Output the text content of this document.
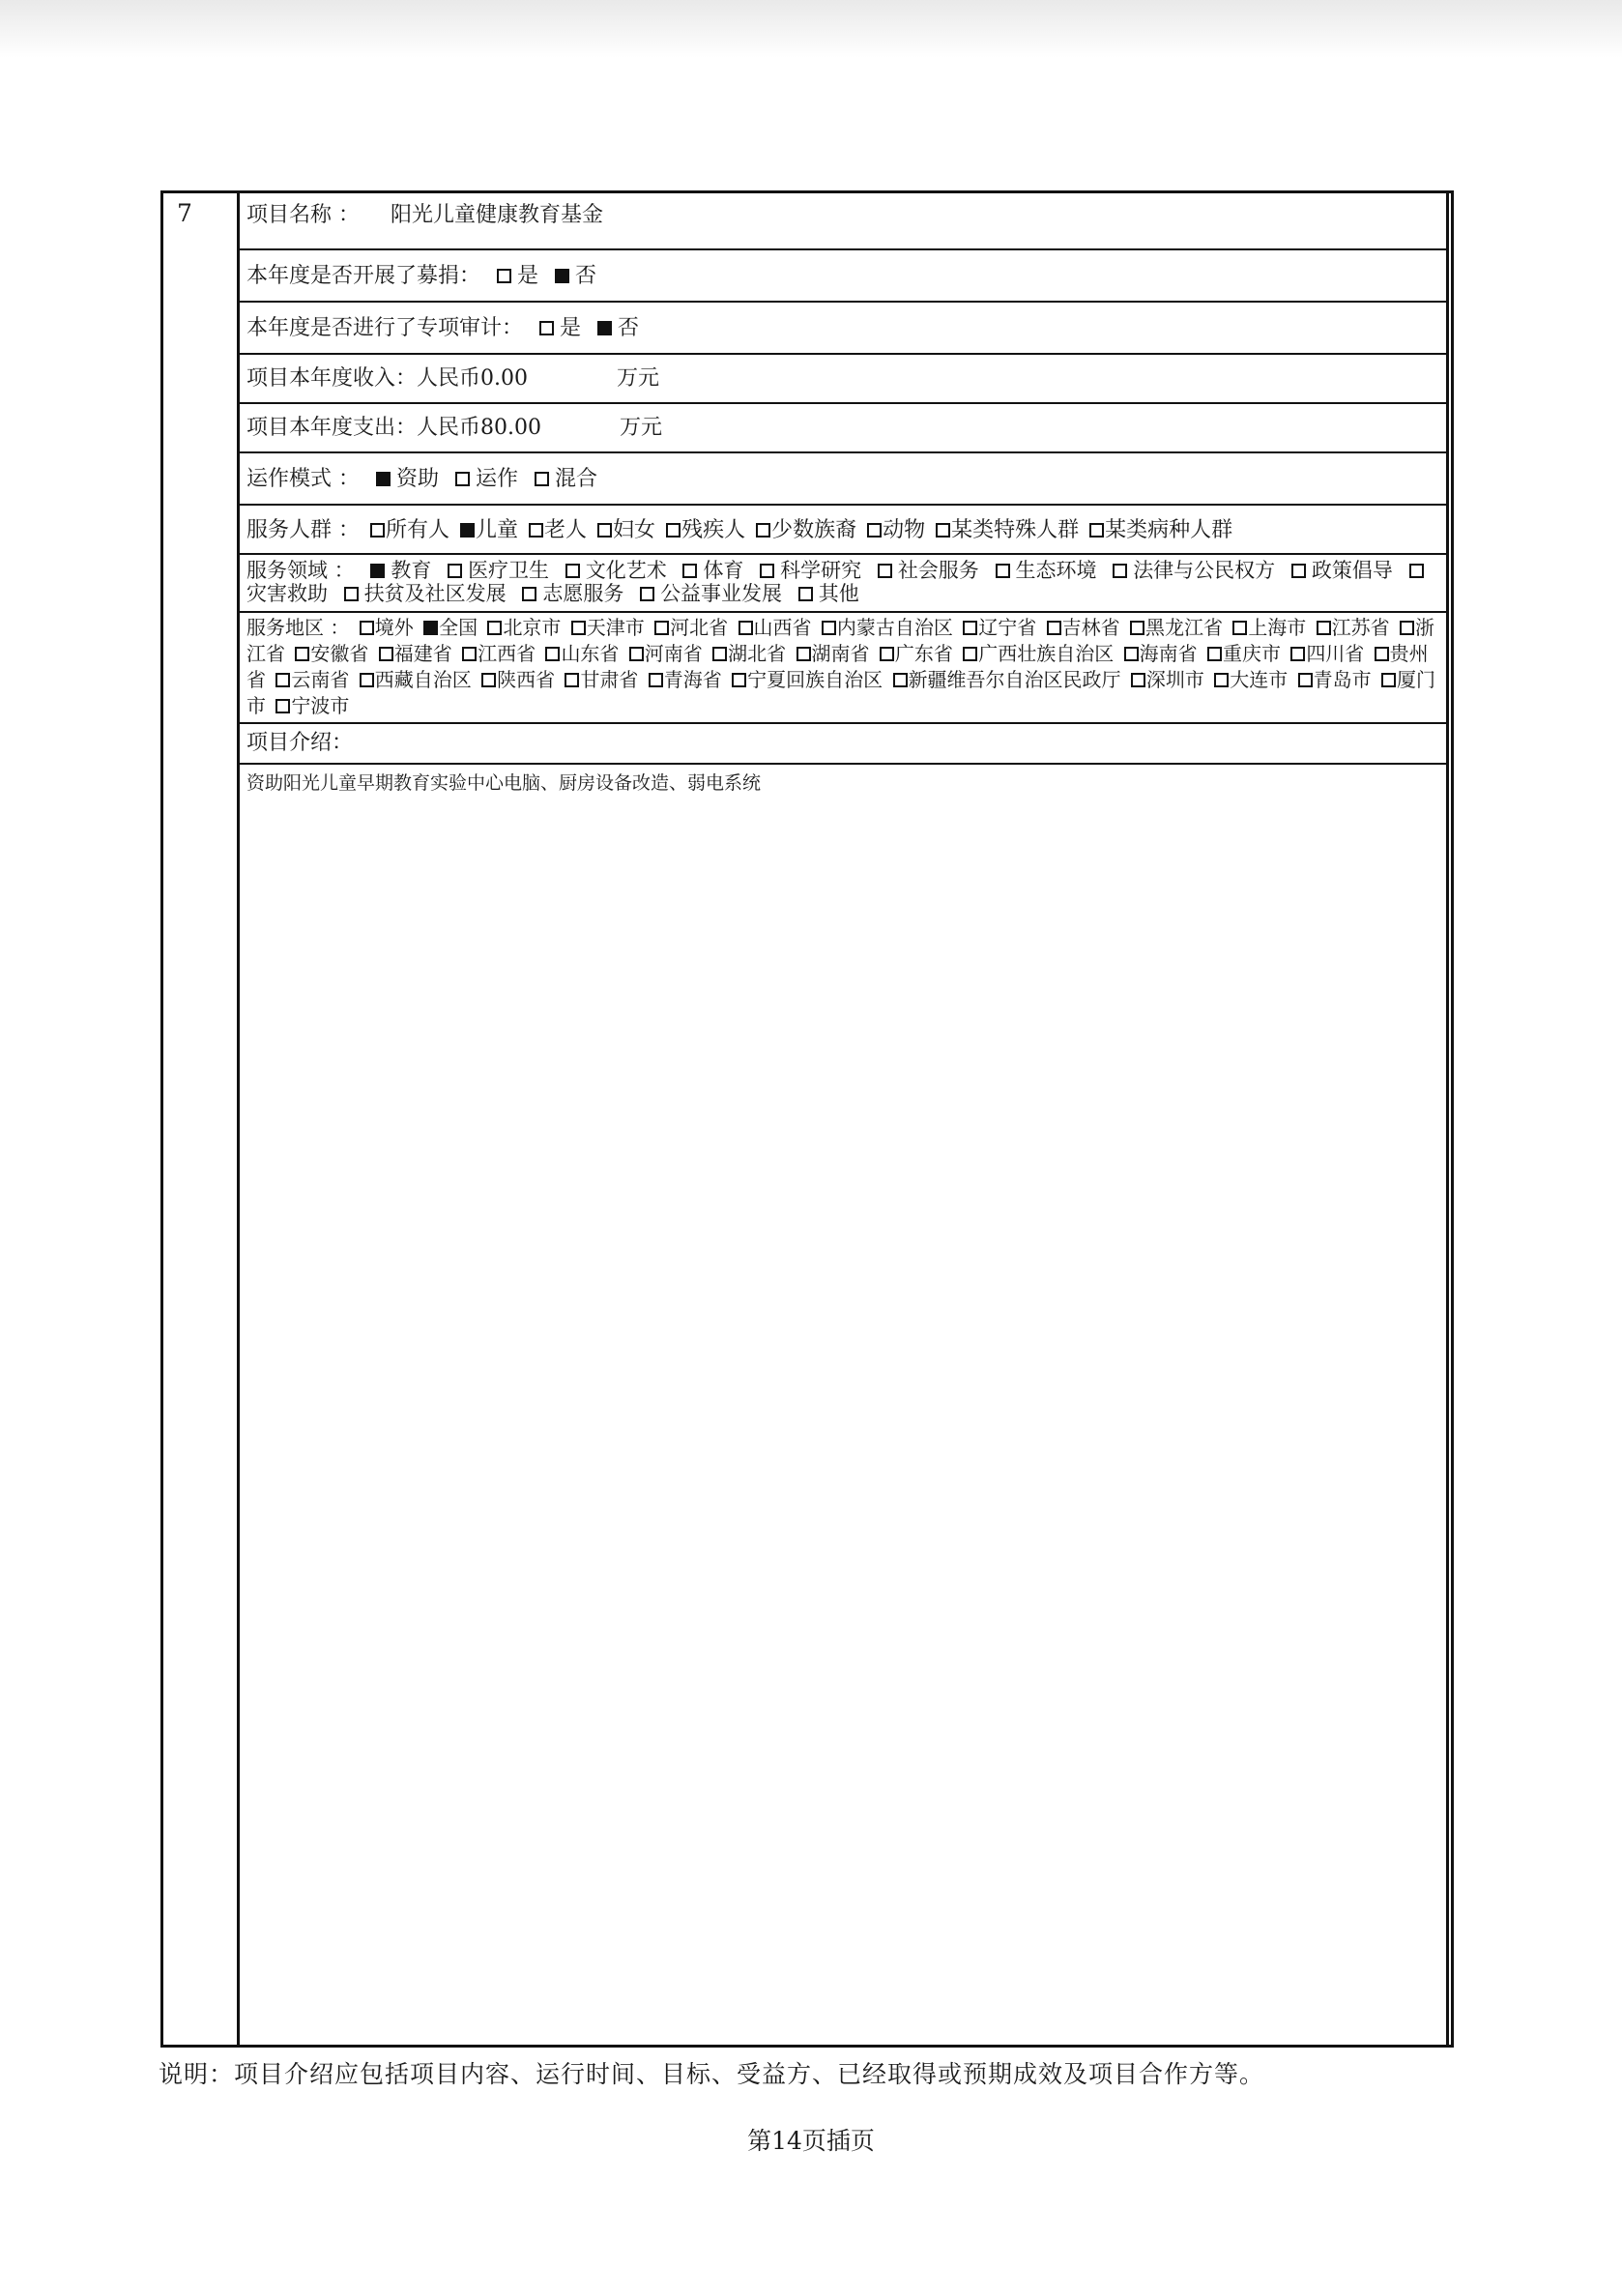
7	项目名称 ： 阳光儿童健康教育基金
本年度是否开展了募捐： 是 否
本年度是否进行了专项审计： 是 否
项目本年度收入：人民币0.00	万元
项目本年度支出：人民币80.00	万元
运作模式 ： 资助 运作 混合
服务人群 ： 所有人 儿童 老人 妇女 残疾人 少数族裔 动物 某类特殊人群 某类病种人群
服务领域 ： 教育 医疗卫生 文化艺术 体育 科学研究 社会服务 生态环境 法律与公民权方 政策倡导 灾害救助 扶贫及社区发展 志愿服务 公益事业发展 其他
服务地区 ： 境外 全国 北京市 天津市 河北省 山西省 内蒙古自治区 辽宁省 吉林省 黑龙江省 上海市 江苏省 浙江省 安徽省 福建省 江西省 山东省 河南省 湖北省 湖南省 广东省 广西壮族自治区 海南省 重庆市 四川省 贵州省 云南省 西藏自治区 陕西省 甘肃省 青海省 宁夏回族自治区 新疆维吾尔自治区民政厅 深圳市 大连市 青岛市 厦门市 宁波市
项目介绍：
资助阳光儿童早期教育实验中心电脑、厨房设备改造、弱电系统
说明：项目介绍应包括项目内容、运行时间、目标、受益方、已经取得或预期成效及项目合作方等。
第14页插页
